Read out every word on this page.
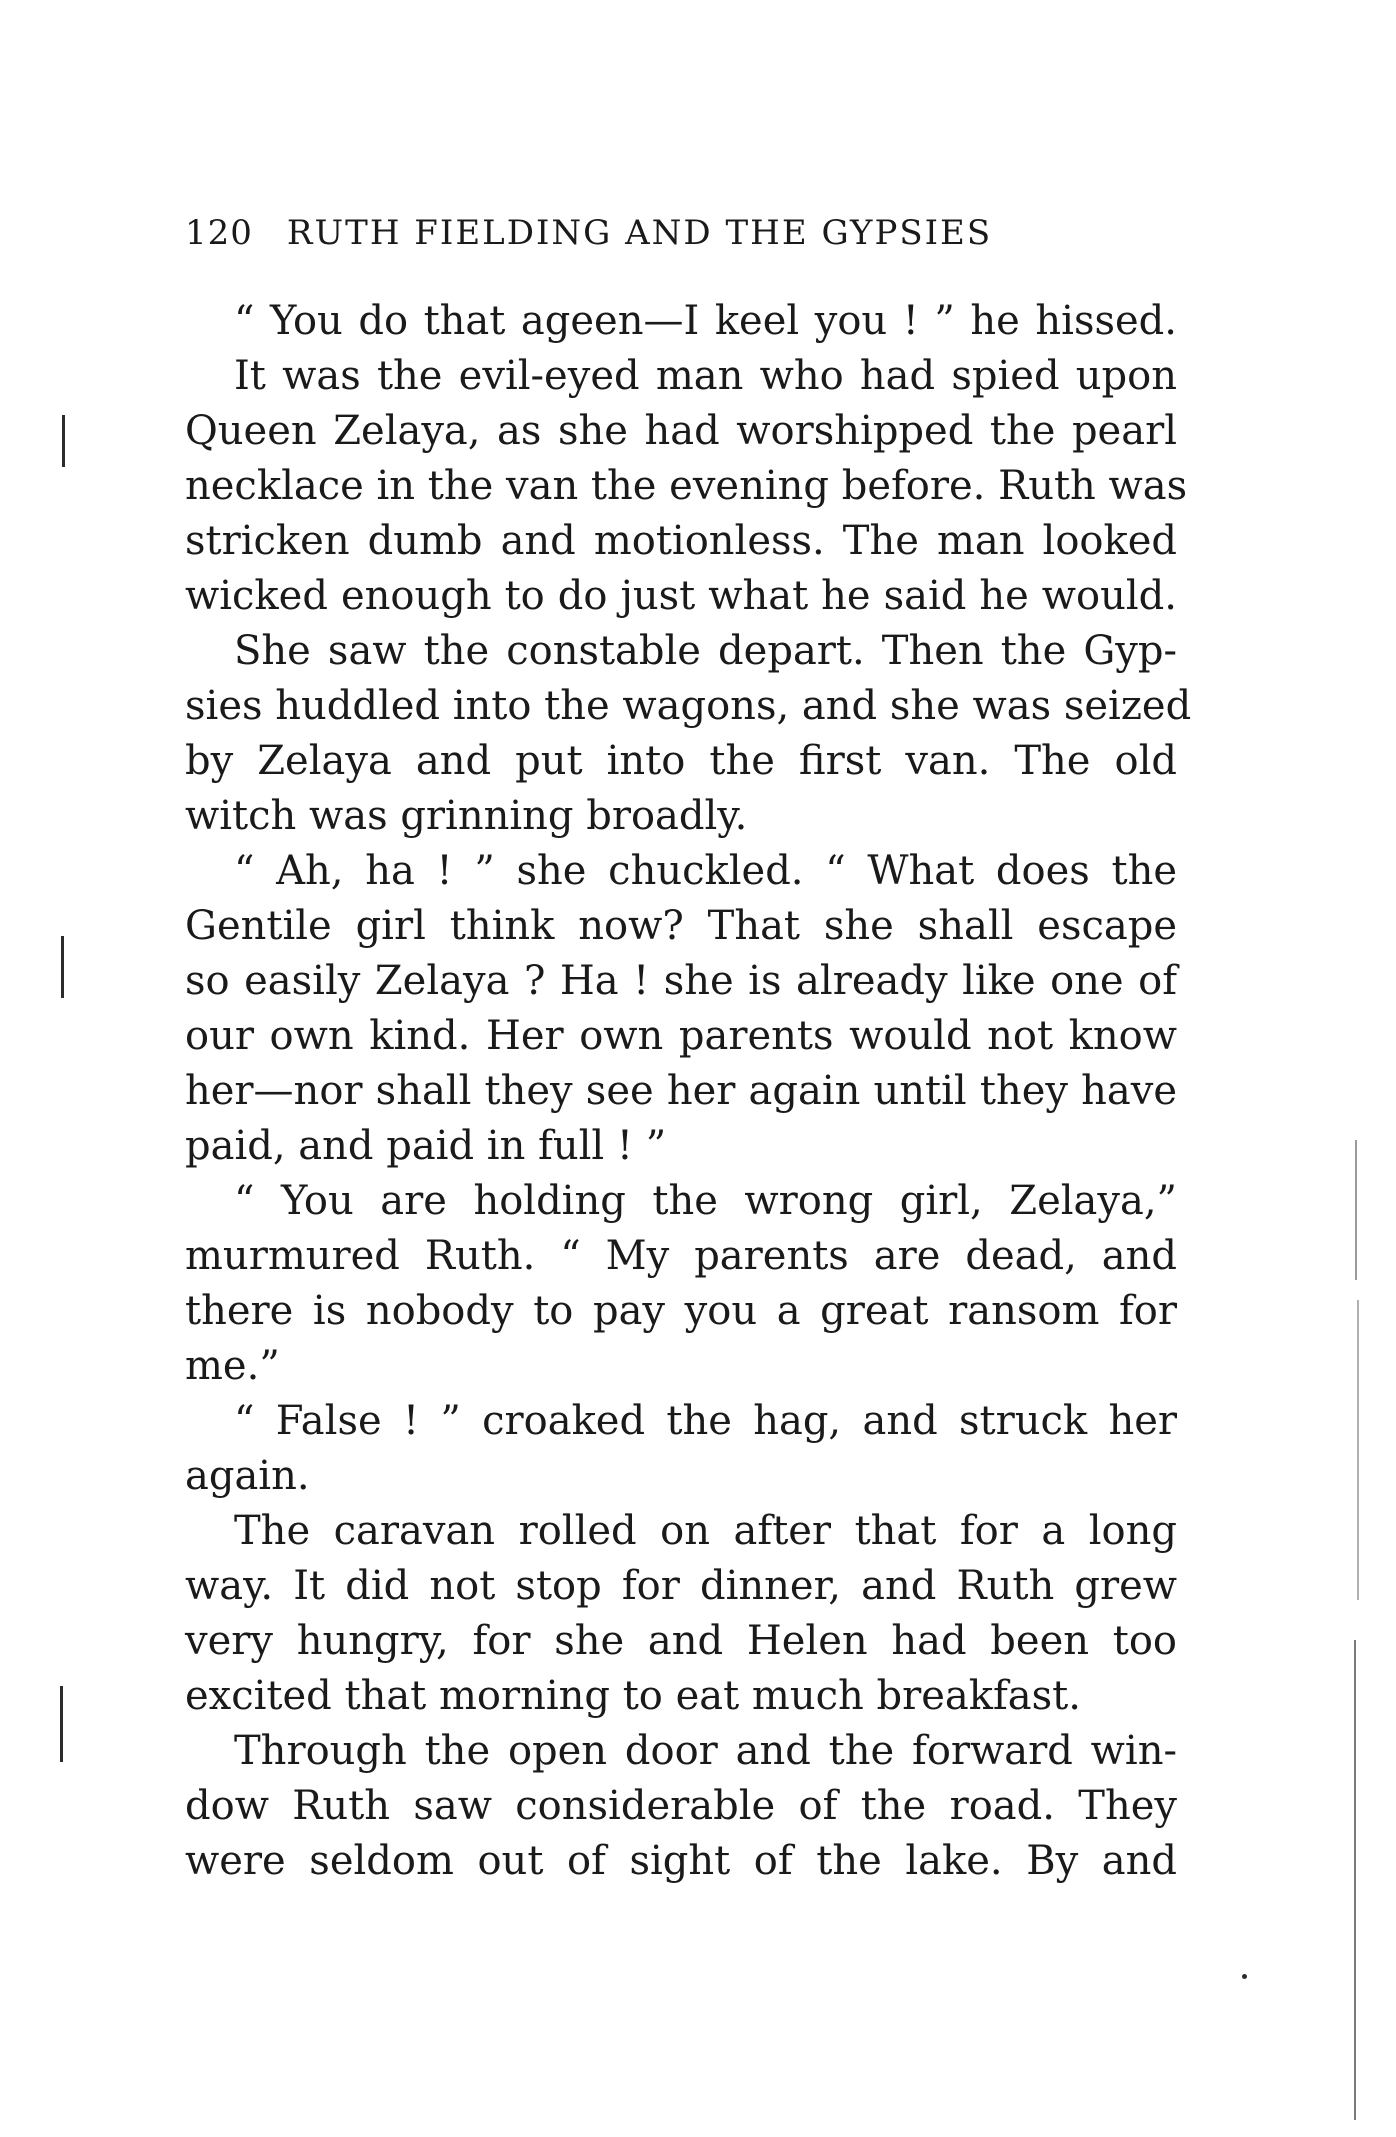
120 RUTH FIELDING AND THE GYPSIES
“ You do that ageen—I keel you ! ” he hissed.
It was the evil-eyed man who had spied upon
Queen Zelaya, as she had worshipped the pearl
necklace in the van the evening before. Ruth was
stricken dumb and motionless. The man looked
wicked enough to do just what he said he would.
She saw the constable depart. Then the Gyp-
sies huddled into the wagons, and she was seized
by Zelaya and put into the first van. The old
witch was grinning broadly.
“ Ah, ha ! ” she chuckled. “ What does the
Gentile girl think now? That she shall escape
so easily Zelaya ? Ha ! she is already like one of
our own kind. Her own parents would not know
her—nor shall they see her again until they have
paid, and paid in full ! ”
“ You are holding the wrong girl, Zelaya,”
murmured Ruth. “ My parents are dead, and
there is nobody to pay you a great ransom for
me.”
“ False ! ” croaked the hag, and struck her
again.
The caravan rolled on after that for a long
way. It did not stop for dinner, and Ruth grew
very hungry, for she and Helen had been too
excited that morning to eat much breakfast.
Through the open door and the forward win-
dow Ruth saw considerable of the road. They
were seldom out of sight of the lake. By and
